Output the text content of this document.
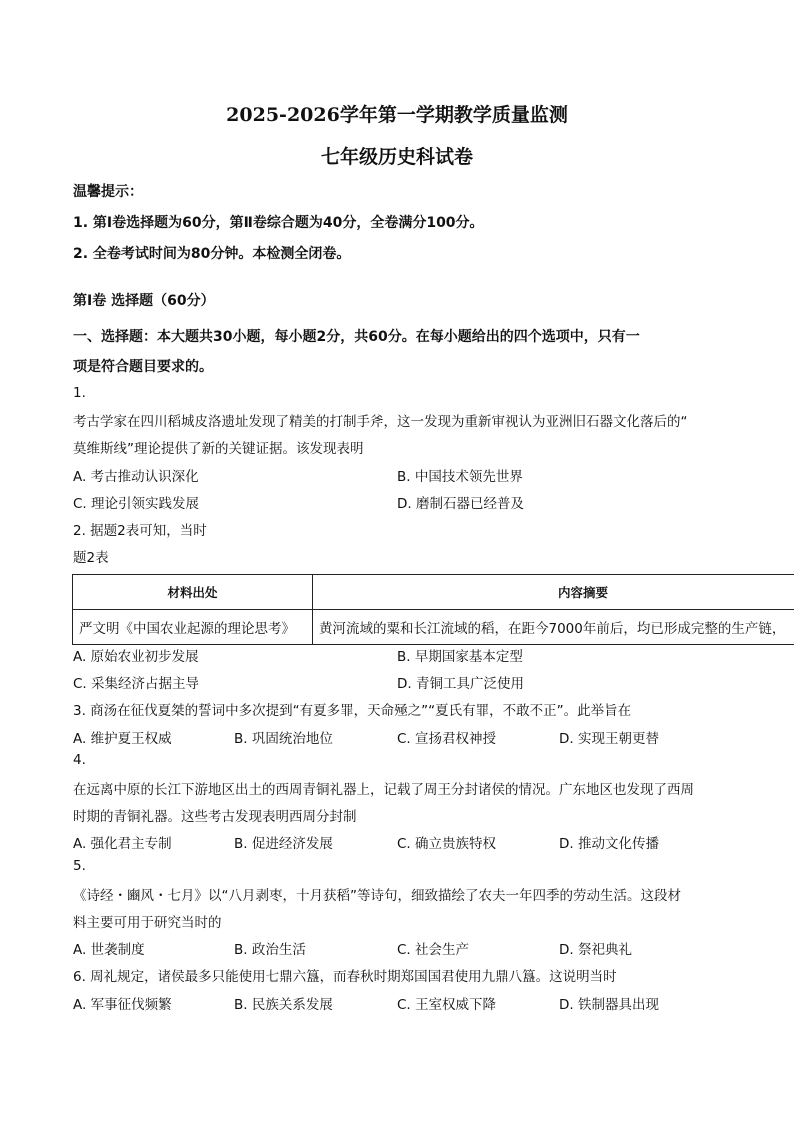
2025-2026学年第一学期教学质量监测
七年级历史科试卷
温馨提示：
1. 第Ⅰ卷选择题为60分，第Ⅱ卷综合题为40分，全卷满分100分。
2. 全卷考试时间为80分钟。本检测全闭卷。
第Ⅰ卷 选择题（60分）
一、选择题：本大题共30小题，每小题2分，共60分。在每小题给出的四个选项中，只有一
项是符合题目要求的。
1.
考古学家在四川稻城皮洛遗址发现了精美的打制手斧，这一发现为重新审视认为亚洲旧石器文化落后的“
莫维斯线”理论提供了新的关键证据。该发现表明
A. 考古推动认识深化	B. 中国技术领先世界
C. 理论引领实践发展	D. 磨制石器已经普及
2. 据题2表可知，当时
题2表
材料出处	内容摘要
严文明《中国农业起源的理论思考》	黄河流域的粟和长江流域的稻，在距今7000年前后，均已形成完整的生产链，
A. 原始农业初步发展	B. 早期国家基本定型
C. 采集经济占据主导	D. 青铜工具广泛使用
3. 商汤在征伐夏桀的誓词中多次提到“有夏多罪，天命殛之”“夏氏有罪，不敢不正”。此举旨在
A. 维护夏王权威	B. 巩固统治地位	C. 宣扬君权神授	D. 实现王朝更替
4.
在远离中原的长江下游地区出土的西周青铜礼器上，记载了周王分封诸侯的情况。广东地区也发现了西周
时期的青铜礼器。这些考古发现表明西周分封制
A. 强化君主专制	B. 促进经济发展	C. 确立贵族特权	D. 推动文化传播
5.
《诗经・豳风・七月》以“八月剥枣，十月获稻”等诗句，细致描绘了农夫一年四季的劳动生活。这段材
料主要可用于研究当时的
A. 世袭制度	B. 政治生活	C. 社会生产	D. 祭祀典礼
6. 周礼规定，诸侯最多只能使用七鼎六簋，而春秋时期郑国国君使用九鼎八簋。这说明当时
A. 军事征伐频繁	B. 民族关系发展	C. 王室权威下降	D. 铁制器具出现
